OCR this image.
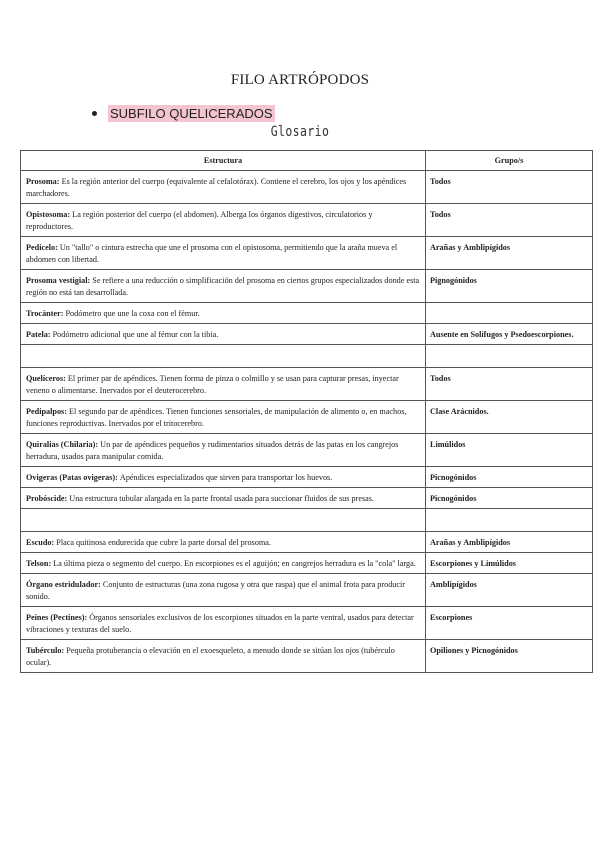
FILO ARTRÓPODOS
SUBFILO QUELICERADOS
Glosario
Estructura	Grupo/s
Prosoma: Es la región anterior del cuerpo (equivalente al cefalotórax). Contiene el cerebro, los ojos y los apéndices marchadores.	Todos
Opistosoma: La región posterior del cuerpo (el abdomen). Alberga los órganos digestivos, circulatorios y reproductores.	Todos
Pedicelo: Un "tallo" o cintura estrecha que une el prosoma con el opistosoma, permitiendo que la araña mueva el abdomen con libertad.	Arañas y Amblipígidos
Prosoma vestigial: Se refiere a una reducción o simplificación del prosoma en ciertos grupos especializados donde esta región no está tan desarrollada.	Pignogónidos
Trocánter: Podómetro que une la coxa con el fémur.	
Patela: Podómetro adicional que une al fémur con la tibia.	Ausente en Solífugos y Psedoescorpiones.

Quelíceros: El primer par de apéndices. Tienen forma de pinza o colmillo y se usan para capturar presas, inyectar veneno o alimentarse. Inervados por el deuterocerebro.	Todos
Pedipalpos: El segundo par de apéndices. Tienen funciones sensoriales, de manipulación de alimento o, en machos, funciones reproductivas. Inervados por el tritocerebro.	Clase Arácnidos.
Quiralias (Chilaria): Un par de apéndices pequeños y rudimentarios situados detrás de las patas en los cangrejos herradura, usados para manipular comida.	Limúlidos
Ovigeras (Patas ovigeras): Apéndices especializados que sirven para transportar los huevos.	Picnogónidos
Probóscide: Una estructura tubular alargada en la parte frontal usada para succionar fluidos de sus presas.	Picnogónidos

Escudo: Placa quitinosa endurecida que cubre la parte dorsal del prosoma.	Arañas y Amblipígidos
Telson: La última pieza o segmento del cuerpo. En escorpiones es el aguijón; en cangrejos herradura es la "cola" larga.	Escorpiones y Limúlidos
Órgano estridulador: Conjunto de estructuras (una zona rugosa y otra que raspa) que el animal frota para producir sonido.	Amblipígidos
Peines (Pectines): Órganos sensoriales exclusivos de los escorpiones situados en la parte ventral, usados para detectar vibraciones y texturas del suelo.	Escorpiones
Tubérculo: Pequeña protuberancia o elevación en el exoesqueleto, a menudo donde se sitúan los ojos (tubérculo ocular).	Opiliones y Picnogónidos
